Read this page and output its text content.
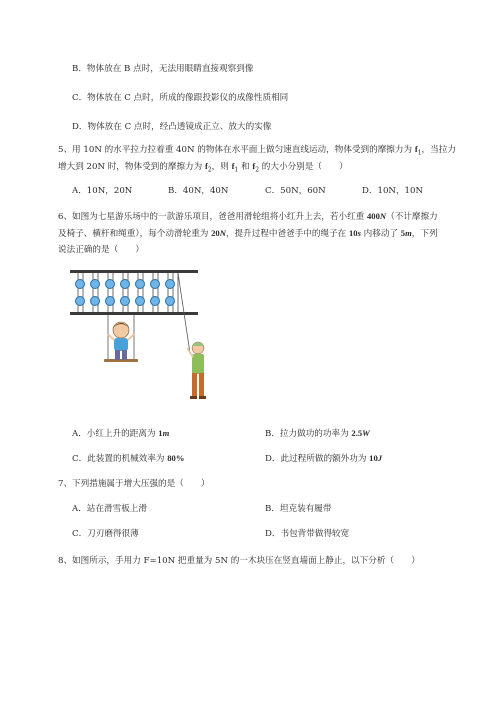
B．物体放在 B 点时，无法用眼睛直接观察到像
C．物体放在 C 点时，所成的像跟投影仪的成像性质相同
D．物体放在 C 点时，经凸透镜成正立、放大的实像
5、用 10N 的水平拉力拉着重 40N 的物体在水平面上做匀速直线运动，物体受到的摩擦力为 $f_1$，当拉力
增大到 20N 时，物体受到的摩擦力为 $f_2$，则 $f_1$ 和 $f_2$ 的大小分别是（　　）
A．10N，20N	B．40N，40N	C．50N，60N	D．10N，10N
6、如图为七星游乐场中的一款游乐项目，爸爸用滑轮组将小红升上去，若小红重 400N（不计摩擦力
及椅子、横杆和绳重），每个动滑轮重为 20N，提升过程中爸爸手中的绳子在 10s 内移动了 5m，下列
说法正确的是（　　）
A．小红上升的距离为 1m	B．拉力做功的功率为 2.5W
C．此装置的机械效率为 80%	D．此过程所做的额外功为 10J
7、下列措施属于增大压强的是（　　）
A．站在滑雪板上滑	B．坦克装有履带
C．刀刃磨得很薄	D．书包背带做得较宽
8、如图所示，手用力 F=10N 把重量为 5N 的一木块压在竖直墙面上静止，以下分析（　　）
